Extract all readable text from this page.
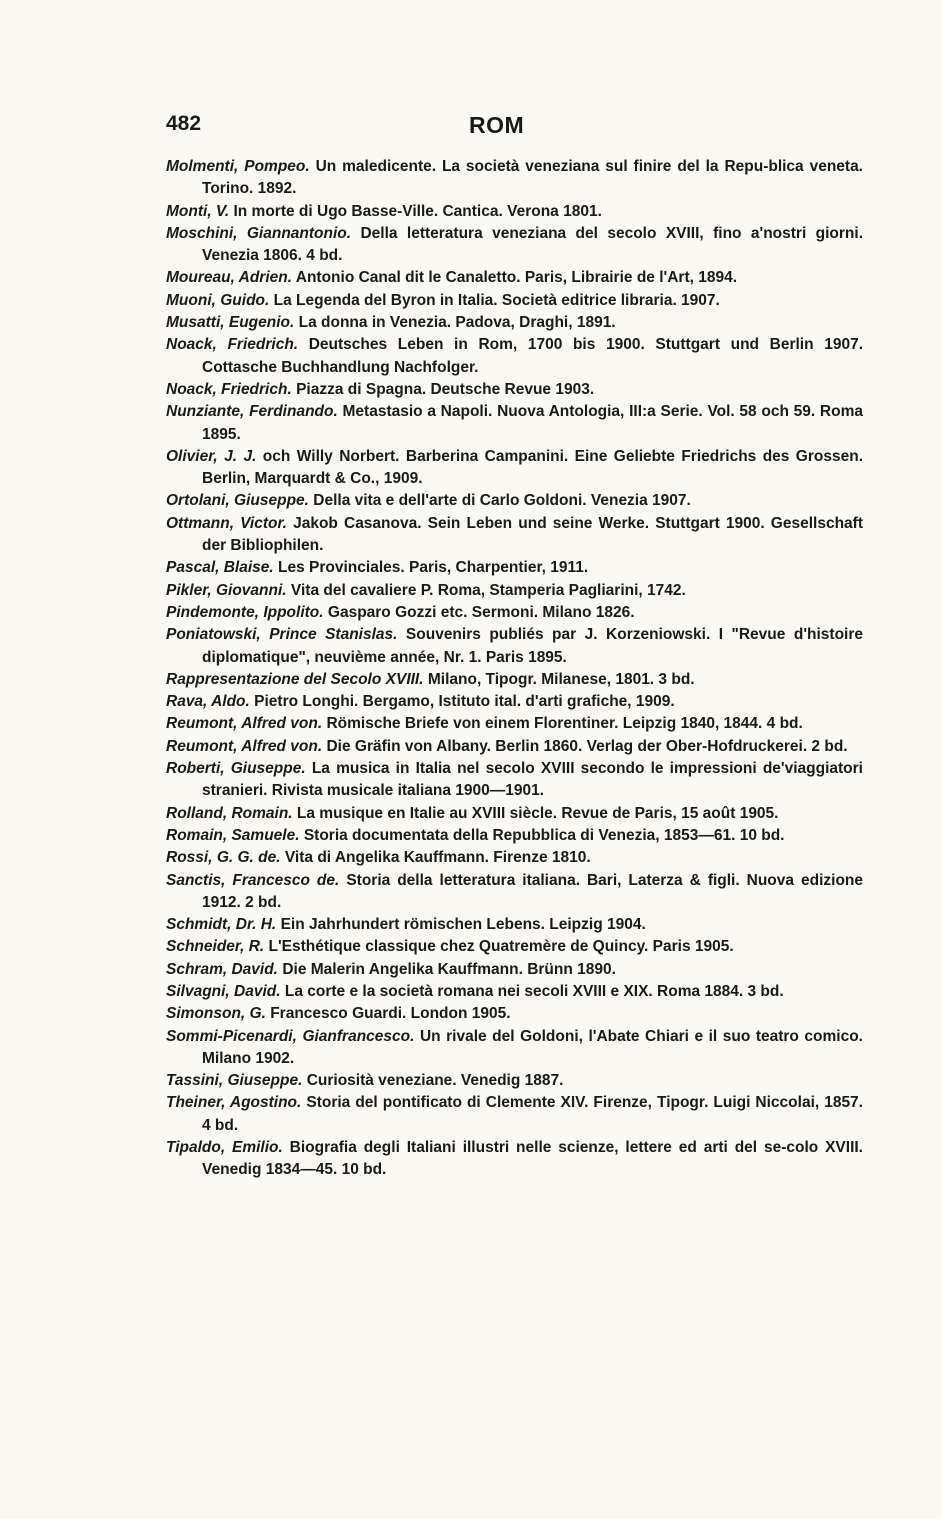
482	ROM
Molmenti, Pompeo. Un maledicente. La società veneziana sul finire del la Repu-blica veneta. Torino. 1892.
Monti, V. In morte di Ugo Basse-Ville. Cantica. Verona 1801.
Moschini, Giannantonio. Della letteratura veneziana del secolo XVIII, fino a'nostri giorni. Venezia 1806. 4 bd.
Moureau, Adrien. Antonio Canal dit le Canaletto. Paris, Librairie de l'Art, 1894.
Muoni, Guido. La Legenda del Byron in Italia. Società editrice libraria. 1907.
Musatti, Eugenio. La donna in Venezia. Padova, Draghi, 1891.
Noack, Friedrich. Deutsches Leben in Rom, 1700 bis 1900. Stuttgart und Berlin 1907. Cottasche Buchhandlung Nachfolger.
Noack, Friedrich. Piazza di Spagna. Deutsche Revue 1903.
Nunziante, Ferdinando. Metastasio a Napoli. Nuova Antologia, III:a Serie. Vol. 58 och 59. Roma 1895.
Olivier, J. J. och Willy Norbert. Barberina Campanini. Eine Geliebte Friedrichs des Grossen. Berlin, Marquardt & Co., 1909.
Ortolani, Giuseppe. Della vita e dell'arte di Carlo Goldoni. Venezia 1907.
Ottmann, Victor. Jakob Casanova. Sein Leben und seine Werke. Stuttgart 1900. Gesellschaft der Bibliophilen.
Pascal, Blaise. Les Provinciales. Paris, Charpentier, 1911.
Pikler, Giovanni. Vita del cavaliere P. Roma, Stamperia Pagliarini, 1742.
Pindemonte, Ippolito. Gasparo Gozzi etc. Sermoni. Milano 1826.
Poniatowski, Prince Stanislas. Souvenirs publiés par J. Korzeniowski. I "Revue d'histoire diplomatique", neuvième année, Nr. 1. Paris 1895.
Rappresentazione del Secolo XVIII. Milano, Tipogr. Milanese, 1801. 3 bd.
Rava, Aldo. Pietro Longhi. Bergamo, Istituto ital. d'arti grafiche, 1909.
Reumont, Alfred von. Römische Briefe von einem Florentiner. Leipzig 1840, 1844. 4 bd.
Reumont, Alfred von. Die Gräfin von Albany. Berlin 1860. Verlag der Ober-Hofdruckerei. 2 bd.
Roberti, Giuseppe. La musica in Italia nel secolo XVIII secondo le impressioni de'viaggiatori stranieri. Rivista musicale italiana 1900—1901.
Rolland, Romain. La musique en Italie au XVIII siècle. Revue de Paris, 15 août 1905.
Romain, Samuele. Storia documentata della Repubblica di Venezia, 1853—61. 10 bd.
Rossi, G. G. de. Vita di Angelika Kauffmann. Firenze 1810.
Sanctis, Francesco de. Storia della letteratura italiana. Bari, Laterza & figli. Nuova edizione 1912. 2 bd.
Schmidt, Dr. H. Ein Jahrhundert römischen Lebens. Leipzig 1904.
Schneider, R. L'Esthétique classique chez Quatremère de Quincy. Paris 1905.
Schram, David. Die Malerin Angelika Kauffmann. Brünn 1890.
Silvagni, David. La corte e la società romana nei secoli XVIII e XIX. Roma 1884. 3 bd.
Simonson, G. Francesco Guardi. London 1905.
Sommi-Picenardi, Gianfrancesco. Un rivale del Goldoni, l'Abate Chiari e il suo teatro comico. Milano 1902.
Tassini, Giuseppe. Curiosità veneziane. Venedig 1887.
Theiner, Agostino. Storia del pontificato di Clemente XIV. Firenze, Tipogr. Luigi Niccolai, 1857. 4 bd.
Tipaldo, Emilio. Biografia degli Italiani illustri nelle scienze, lettere ed arti del se-colo XVIII. Venedig 1834—45. 10 bd.
